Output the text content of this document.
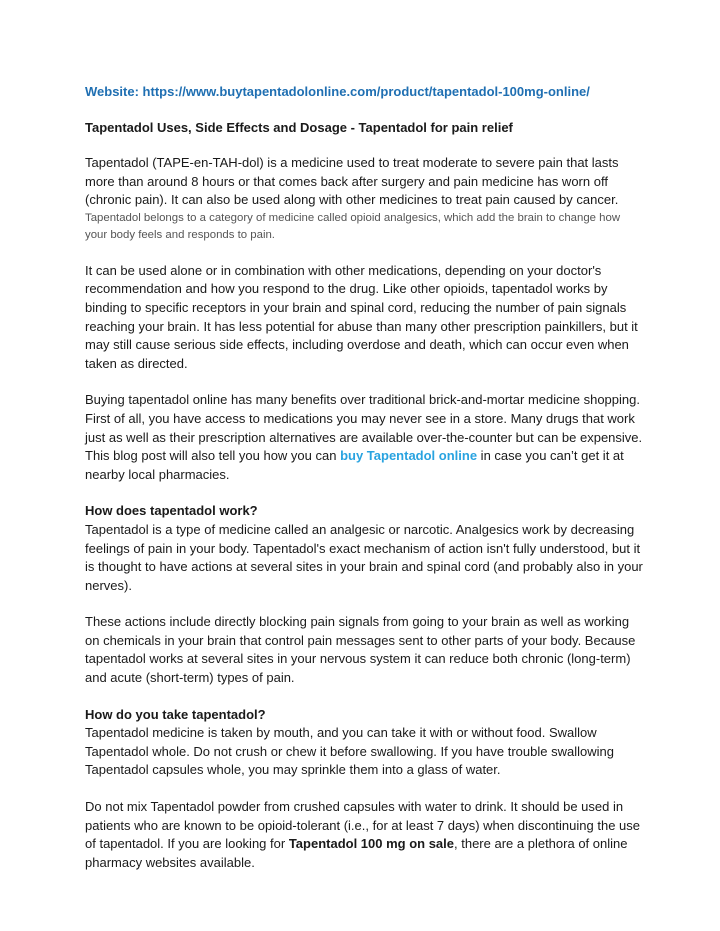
Website: https://www.buytapentadolonline.com/product/tapentadol-100mg-online/

Tapentadol Uses, Side Effects and Dosage - Tapentadol for pain relief

Tapentadol (TAPE-en-TAH-dol) is a medicine used to treat moderate to severe pain that lasts more than around 8 hours or that comes back after surgery and pain medicine has worn off (chronic pain). It can also be used along with other medicines to treat pain caused by cancer.

Tapentadol belongs to a category of medicine called opioid analgesics, which add the brain to change how your body feels and responds to pain.

It can be used alone or in combination with other medications, depending on your doctor's recommendation and how you respond to the drug. Like other opioids, tapentadol works by binding to specific receptors in your brain and spinal cord, reducing the number of pain signals reaching your brain. It has less potential for abuse than many other prescription painkillers, but it may still cause serious side effects, including overdose and death, which can occur even when taken as directed.

Buying tapentadol online has many benefits over traditional brick-and-mortar medicine shopping. First of all, you have access to medications you may never see in a store. Many drugs that work just as well as their prescription alternatives are available over-the-counter but can be expensive. This blog post will also tell you how you can buy Tapentadol online in case you can’t get it at nearby local pharmacies.

How does tapentadol work?

Tapentadol is a type of medicine called an analgesic or narcotic. Analgesics work by decreasing feelings of pain in your body. Tapentadol's exact mechanism of action isn't fully understood, but it is thought to have actions at several sites in your brain and spinal cord (and probably also in your nerves).

These actions include directly blocking pain signals from going to your brain as well as working on chemicals in your brain that control pain messages sent to other parts of your body. Because tapentadol works at several sites in your nervous system it can reduce both chronic (long-term) and acute (short-term) types of pain.

How do you take tapentadol?

Tapentadol medicine is taken by mouth, and you can take it with or without food. Swallow Tapentadol whole. Do not crush or chew it before swallowing. If you have trouble swallowing Tapentadol capsules whole, you may sprinkle them into a glass of water.

Do not mix Tapentadol powder from crushed capsules with water to drink. It should be used in patients who are known to be opioid-tolerant (i.e., for at least 7 days) when discontinuing the use of tapentadol. If you are looking for Tapentadol 100 mg on sale, there are a plethora of online pharmacy websites available.
